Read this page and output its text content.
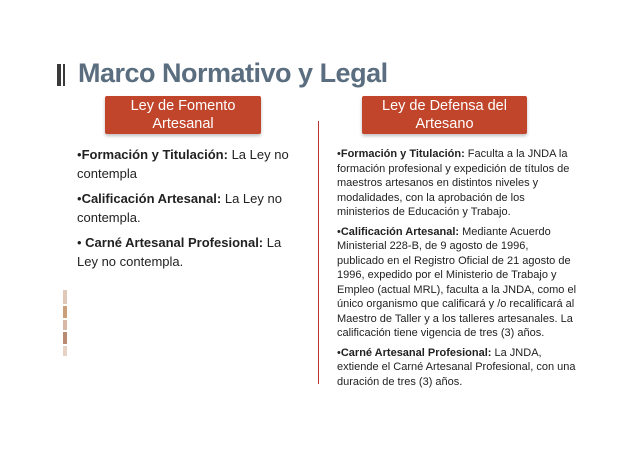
Marco Normativo y Legal
Ley de Fomento Artesanal
Ley de Defensa del Artesano

•Formación y Titulación: La Ley no contempla

•Calificación Artesanal: La Ley no contempla.

• Carné Artesanal Profesional: La Ley no contempla.

•Formación y Titulación: Faculta a la JNDA la formación profesional y expedición de títulos de maestros artesanos en distintos niveles y modalidades, con la aprobación de los ministerios de Educación y Trabajo.

•Calificación Artesanal: Mediante Acuerdo Ministerial 228-B, de 9 agosto de 1996, publicado en el Registro Oficial de 21 agosto de 1996, expedido por el Ministerio de Trabajo y Empleo (actual MRL), faculta a la JNDA, como el único organismo que calificará y /o recalificará al Maestro de Taller y a los talleres artesanales. La calificación tiene vigencia de tres (3) años.

•Carné Artesanal Profesional: La JNDA, extiende el Carné Artesanal Profesional, con una duración de tres (3) años.
